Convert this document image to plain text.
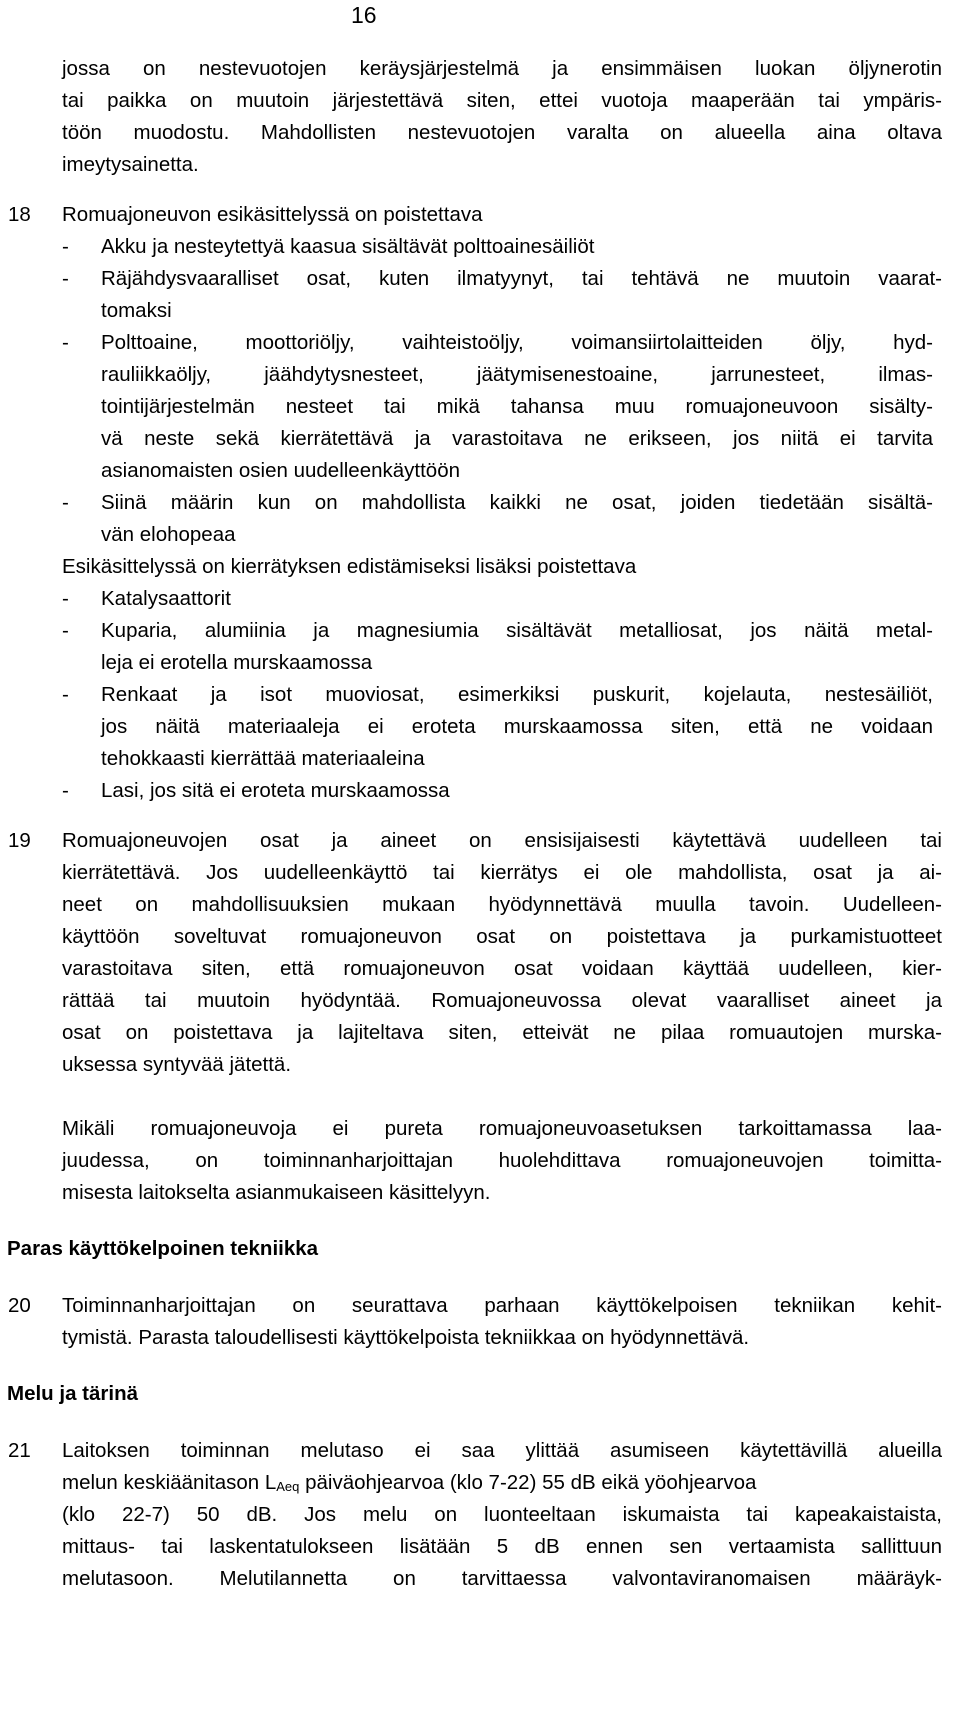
16
jossa on nestevuotojen keräysjärjestelmä ja ensimmäisen luokan öljynerotin
tai paikka on muutoin järjestettävä siten, ettei vuotoja maaperään tai ympäris-
töön muodostu. Mahdollisten nestevuotojen varalta on alueella aina oltava
imeytysainetta.
18 Romuajoneuvon esikäsittelyssä on poistettava
- Akku ja nesteytettyä kaasua sisältävät polttoainesäiliöt
- Räjähdysvaaralliset osat, kuten ilmatyynyt, tai tehtävä ne muutoin vaarat-
tomaksi
- Polttoaine, moottoriöljy, vaihteistoöljy, voimansiirtolaitteiden öljy, hyd-
rauliikkaöljy, jäähdytysnesteet, jäätymisenestoaine, jarrunesteet, ilmas-
tointijärjestelmän nesteet tai mikä tahansa muu romuajoneuvoon sisälty-
vä neste sekä kierrätettävä ja varastoitava ne erikseen, jos niitä ei tarvita
asianomaisten osien uudelleenkäyttöön
- Siinä määrin kun on mahdollista kaikki ne osat, joiden tiedetään sisältä-
vän elohopeaa
Esikäsittelyssä on kierrätyksen edistämiseksi lisäksi poistettava
- Katalysaattorit
- Kuparia, alumiinia ja magnesiumia sisältävät metalliosat, jos näitä metal-
leja ei erotella murskaamossa
- Renkaat ja isot muoviosat, esimerkiksi puskurit, kojelauta, nestesäiliöt,
jos näitä materiaaleja ei eroteta murskaamossa siten, että ne voidaan
tehokkaasti kierrättää materiaaleina
- Lasi, jos sitä ei eroteta murskaamossa
19 Romuajoneuvojen osat ja aineet on ensisijaisesti käytettävä uudelleen tai
kierrätettävä. Jos uudelleenkäyttö tai kierrätys ei ole mahdollista, osat ja ai-
neet on mahdollisuuksien mukaan hyödynnettävä muulla tavoin. Uudelleen-
käyttöön soveltuvat romuajoneuvon osat on poistettava ja purkamistuotteet
varastoitava siten, että romuajoneuvon osat voidaan käyttää uudelleen, kier-
rättää tai muutoin hyödyntää. Romuajoneuvossa olevat vaaralliset aineet ja
osat on poistettava ja lajiteltava siten, etteivät ne pilaa romuautojen murska-
uksessa syntyvää jätettä.
Mikäli romuajoneuvoja ei pureta romuajoneuvoasetuksen tarkoittamassa laa-
juudessa, on toiminnanharjoittajan huolehdittava romuajoneuvojen toimitta-
misesta laitokselta asianmukaiseen käsittelyyn.
Paras käyttökelpoinen tekniikka
20 Toiminnanharjoittajan on seurattava parhaan käyttökelpoisen tekniikan kehit-
tymistä. Parasta taloudellisesti käyttökelpoista tekniikkaa on hyödynnettävä.
Melu ja tärinä
21 Laitoksen toiminnan melutaso ei saa ylittää asumiseen käytettävillä alueilla
melun keskiäänitason LAeq päiväohjearvoa (klo 7-22) 55 dB eikä yöohjearvoa
(klo 22-7) 50 dB. Jos melu on luonteeltaan iskumaista tai kapeakaistaista,
mittaus- tai laskentatulokseen lisätään 5 dB ennen sen vertaamista sallittuun
melutasoon. Melutilannetta on tarvittaessa valvontaviranomaisen määräyk-
